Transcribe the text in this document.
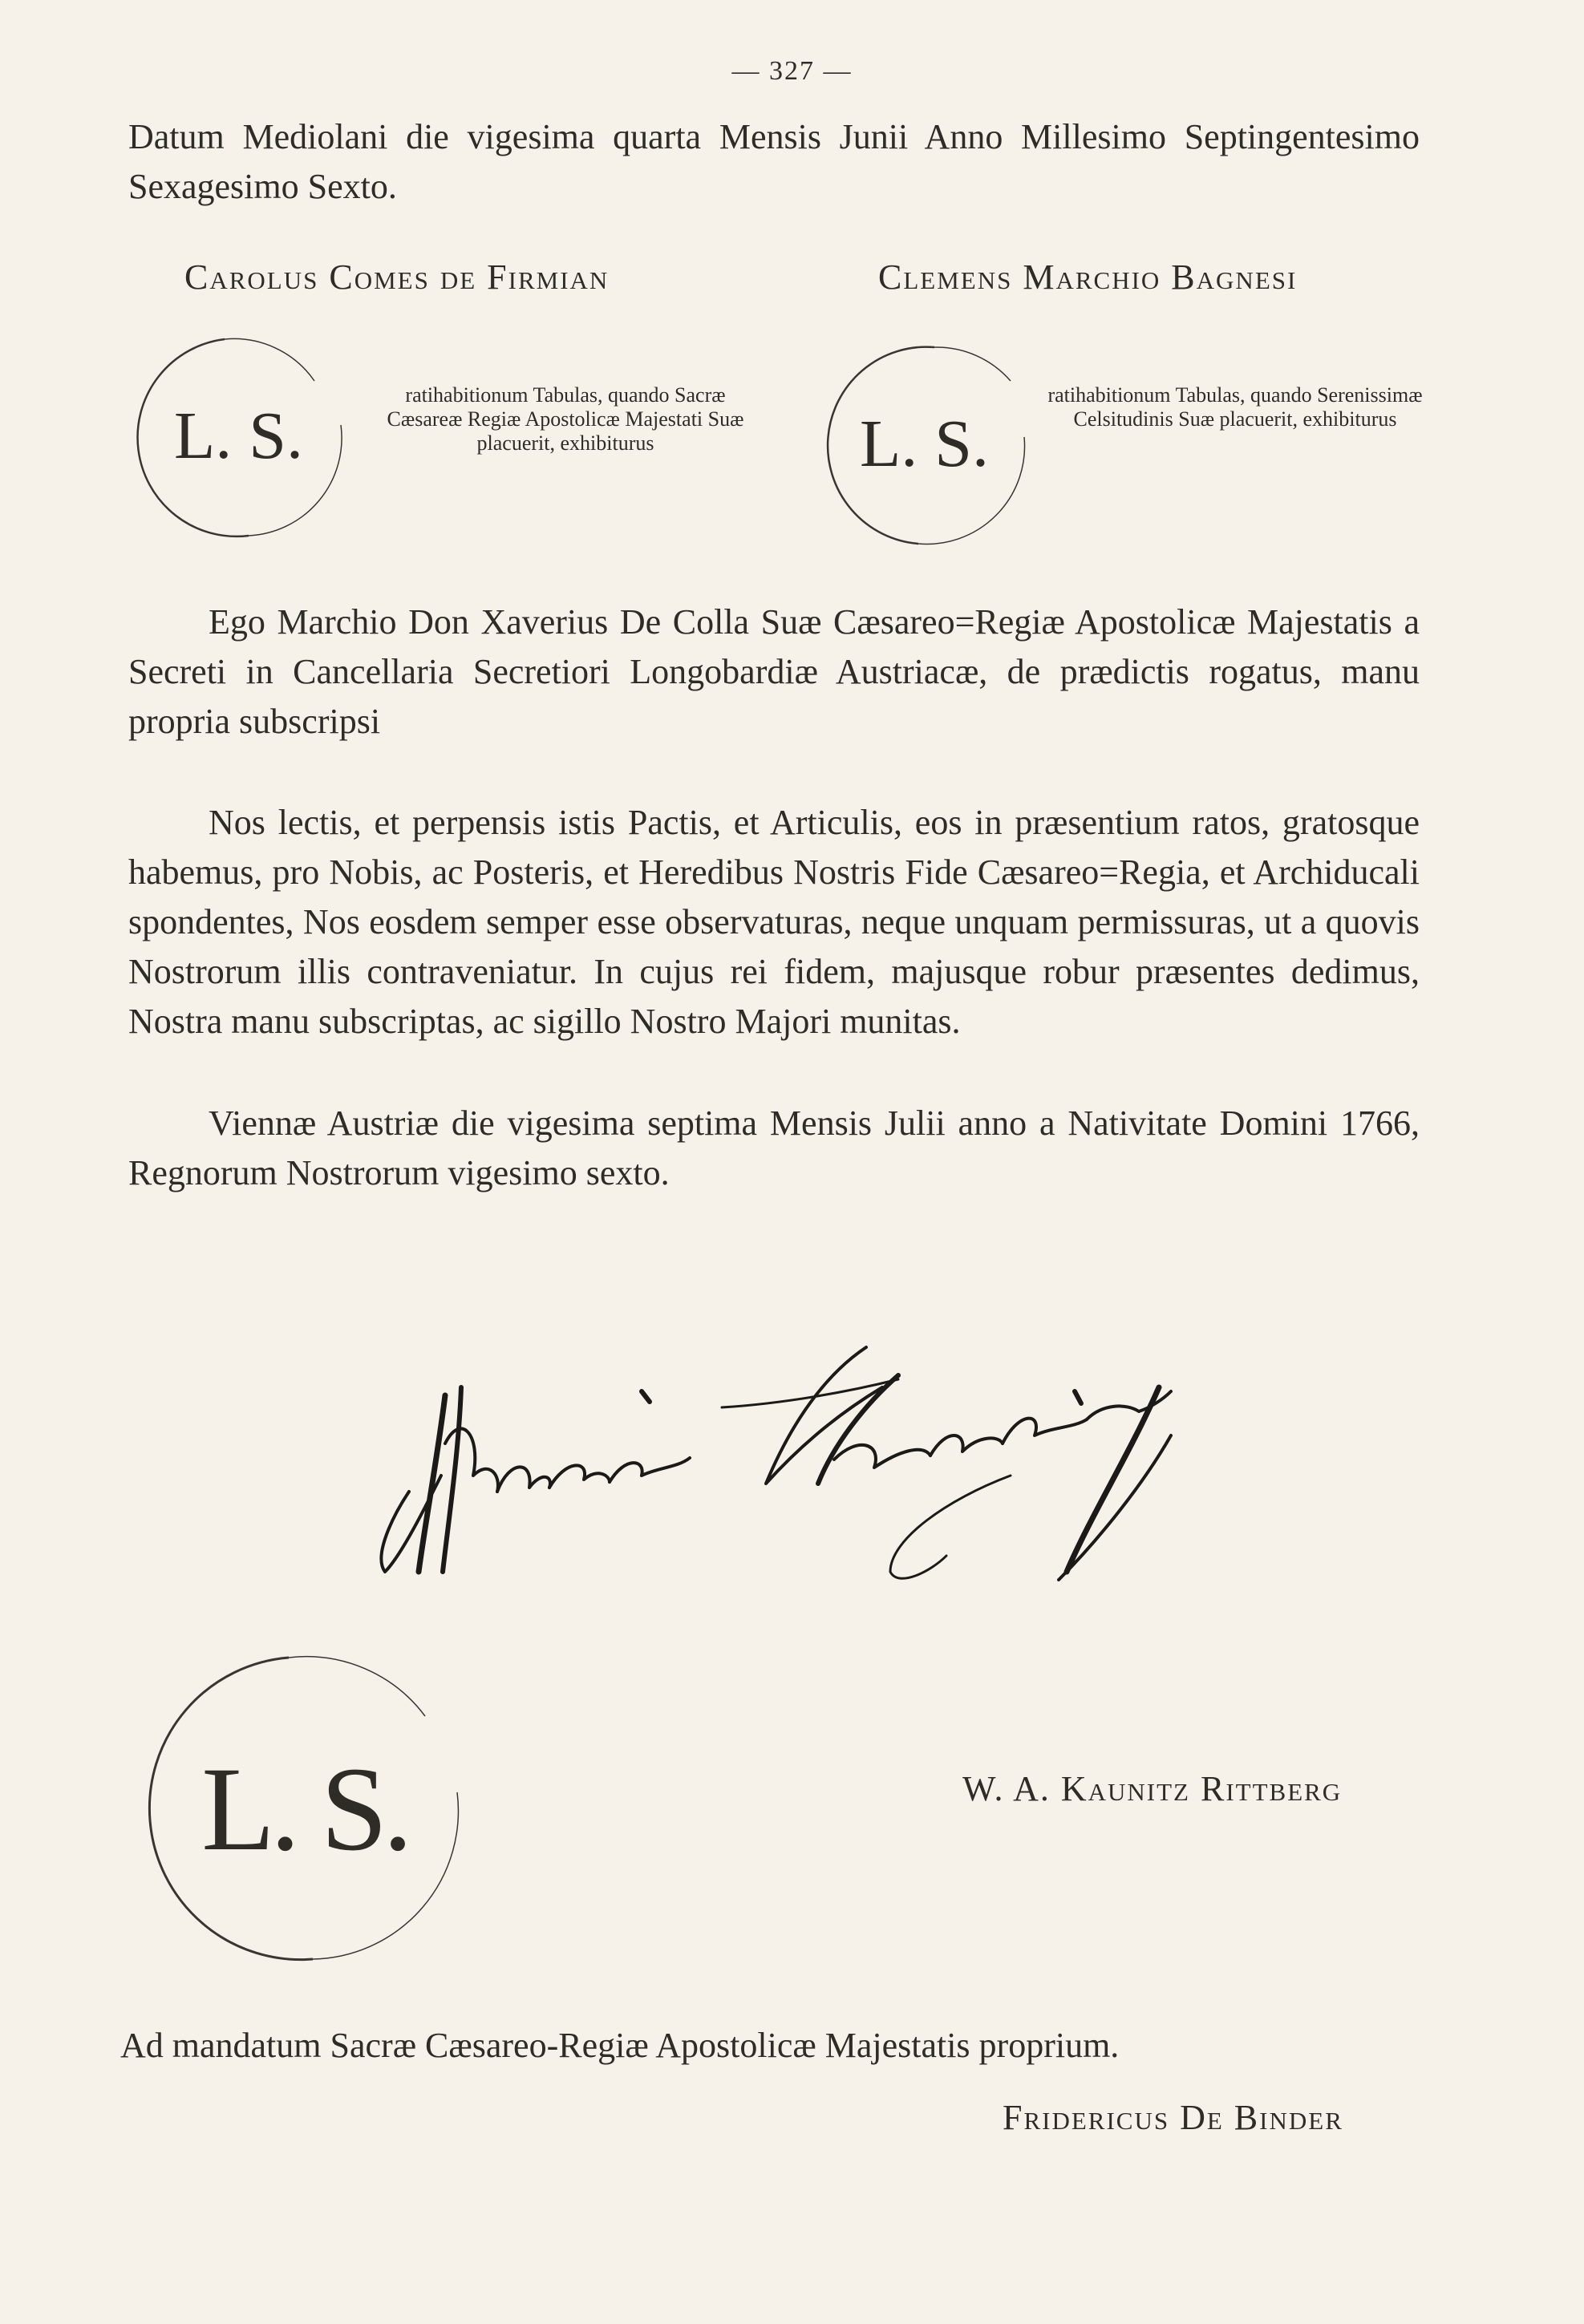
— 327 —

Datum Mediolani die vigesima quarta Mensis Junii Anno Millesimo Septingentesimo Sexagesimo Sexto.

Carolus Comes de Firmian	Clemens Marchio Bagnesi
L. S.
ratihabitionum Tabulas, quando Sacræ Cæsareæ Regiæ Apostolicæ Majestati Suæ placuerit, exhibiturus	L. S.
ratihabitionum Tabulas, quando Serenissimæ Celsitudinis Suæ placuerit, exhibiturus

Ego Marchio Don Xaverius De Colla Suæ Cæsareo=Regiæ Apostolicæ Majestatis a Secreti in Cancellaria Secretiori Longobardiæ Austriacæ, de prædictis rogatus, manu propria subscripsi

Nos lectis, et perpensis istis Pactis, et Articulis, eos in præsentium ratos, gratosque habemus, pro Nobis, ac Posteris, et Heredibus Nostris Fide Cæsareo=Regia, et Archiducali spondentes, Nos eosdem semper esse observaturas, neque unquam permissuras, ut a quovis Nostrorum illis contraveniatur. In cujus rei fidem, majusque robur præsentes dedimus, Nostra manu subscriptas, ac sigillo Nostro Majori munitas.

Viennæ Austriæ die vigesima septima Mensis Julii anno a Nativitate Domini 1766, Regnorum Nostrorum vigesimo sexto.

L. S.	W. A. Kaunitz Rittberg

Ad mandatum Sacræ Cæsareo-Regiæ Apostolicæ Majestatis proprium.

Fridericus De Binder
